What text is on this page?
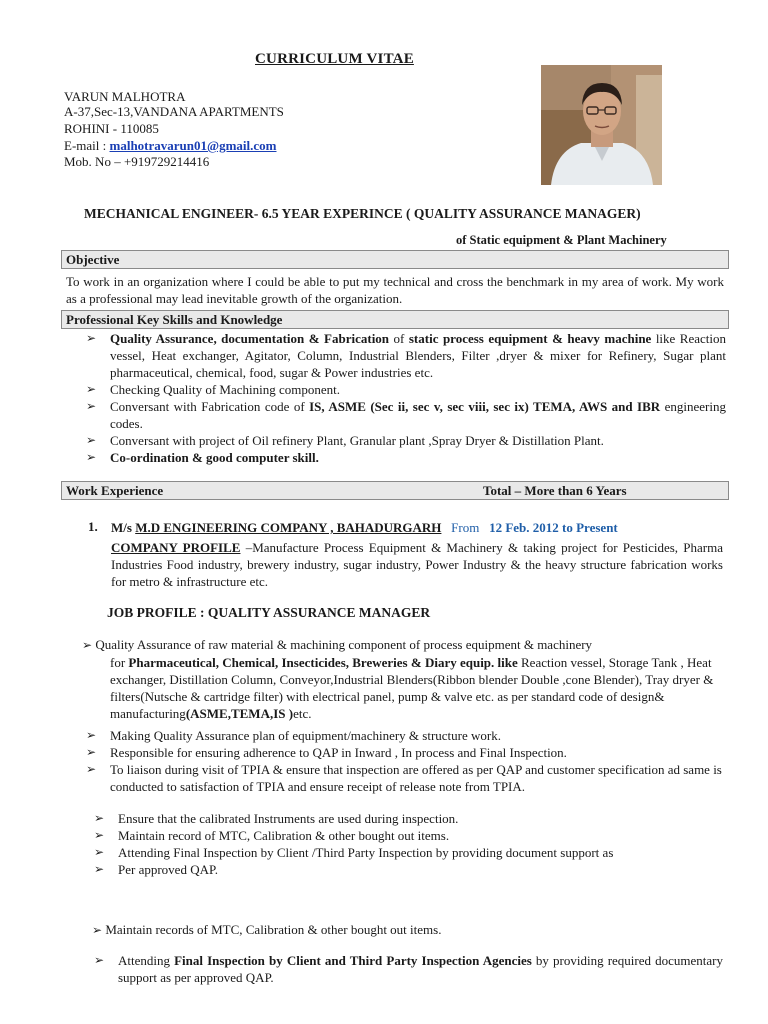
CURRICULUM VITAE
VARUN MALHOTRA
A-37,Sec-13,VANDANA APARTMENTS
ROHINI - 110085
E-mail : malhotravarun01@gmail.com
Mob. No – +919729214416
MECHANICAL ENGINEER- 6.5 YEAR EXPERINCE ( QUALITY ASSURANCE MANAGER)
of Static equipment & Plant Machinery
Objective
To work in an organization where I could be able to put my technical and cross the benchmark in my area of work. My work as a professional may lead inevitable growth of the organization.
Professional Key Skills and Knowledge
➢ Quality Assurance, documentation & Fabrication of static process equipment & heavy machine like Reaction vessel, Heat exchanger, Agitator, Column, Industrial Blenders, Filter ,dryer & mixer for Refinery, Sugar plant pharmaceutical, chemical, food, sugar & Power industries etc.
➢ Checking Quality of Machining component.
➢ Conversant with Fabrication code of IS, ASME (Sec ii, sec v, sec viii, sec ix) TEMA, AWS and IBR engineering codes.
➢ Conversant with project of Oil refinery Plant, Granular plant ,Spray Dryer & Distillation Plant.
➢ Co-ordination & good computer skill.
Work Experience	Total – More than 6 Years
1. M/s M.D ENGINEERING COMPANY , BAHADURGARH From 12 Feb. 2012 to Present
COMPANY PROFILE –Manufacture Process Equipment & Machinery & taking project for Pesticides, Pharma Industries Food industry, brewery industry, sugar industry, Power Industry & the heavy structure fabrication works for metro & infrastructure etc.
JOB PROFILE : QUALITY ASSURANCE MANAGER
➢ Quality Assurance of raw material & machining component of process equipment & machinery
for Pharmaceutical, Chemical, Insecticides, Breweries & Diary equip. like Reaction vessel, Storage Tank , Heat exchanger, Distillation Column, Conveyor,Industrial Blenders(Ribbon blender Double ,cone Blender), Tray dryer & filters(Nutsche & cartridge filter) with electrical panel, pump & valve etc. as per standard code of design& manufacturing(ASME,TEMA,IS )etc.
➢ Making Quality Assurance plan of equipment/machinery & structure work.
➢ Responsible for ensuring adherence to QAP in Inward , In process and Final Inspection.
➢ To liaison during visit of TPIA & ensure that inspection are offered as per QAP and customer specification ad same is conducted to satisfaction of TPIA and ensure receipt of release note from TPIA.
➢ Ensure that the calibrated Instruments are used during inspection.
➢ Maintain record of MTC, Calibration & other bought out items.
➢ Attending Final Inspection by Client /Third Party Inspection by providing document support as
➢ Per approved QAP.
➢ Maintain records of MTC, Calibration & other bought out items.
➢ Attending Final Inspection by Client and Third Party Inspection Agencies by providing required documentary support as per approved QAP.
